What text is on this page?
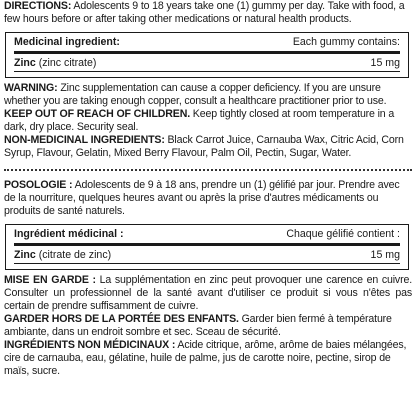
DIRECTIONS: Adolescents 9 to 18 years take one (1) gummy per day. Take with food, a few hours before or after taking other medications or natural health products.

Medicinal ingredient:	Each gummy contains:
Zinc (zinc citrate)	15 mg

WARNING: Zinc supplementation can cause a copper deficiency. If you are unsure whether you are taking enough copper, consult a healthcare practitioner prior to use.

KEEP OUT OF REACH OF CHILDREN. Keep tightly closed at room temperature in a dark, dry place. Security seal.

NON-MEDICINAL INGREDIENTS: Black Carrot Juice, Carnauba Wax, Citric Acid, Corn Syrup, Flavour, Gelatin, Mixed Berry Flavour, Palm Oil, Pectin, Sugar, Water.

POSOLOGIE : Adolescents de 9 à 18 ans, prendre un (1) gélifié par jour. Prendre avec de la nourriture, quelques heures avant ou après la prise d'autres médicaments ou produits de santé naturels.

Ingrédient médicinal :	Chaque gélifié contient :
Zinc (citrate de zinc)	15 mg

MISE EN GARDE : La supplémentation en zinc peut provoquer une carence en cuivre. Consulter un professionnel de la santé avant d'utiliser ce produit si vous n'êtes pas certain de prendre suffisamment de cuivre.

GARDER HORS DE LA PORTÉE DES ENFANTS. Garder bien fermé à température ambiante, dans un endroit sombre et sec. Sceau de sécurité.

INGRÉDIENTS NON MÉDICINAUX : Acide citrique, arôme, arôme de baies mélangées, cire de carnauba, eau, gélatine, huile de palme, jus de carotte noire, pectine, sirop de maïs, sucre.
